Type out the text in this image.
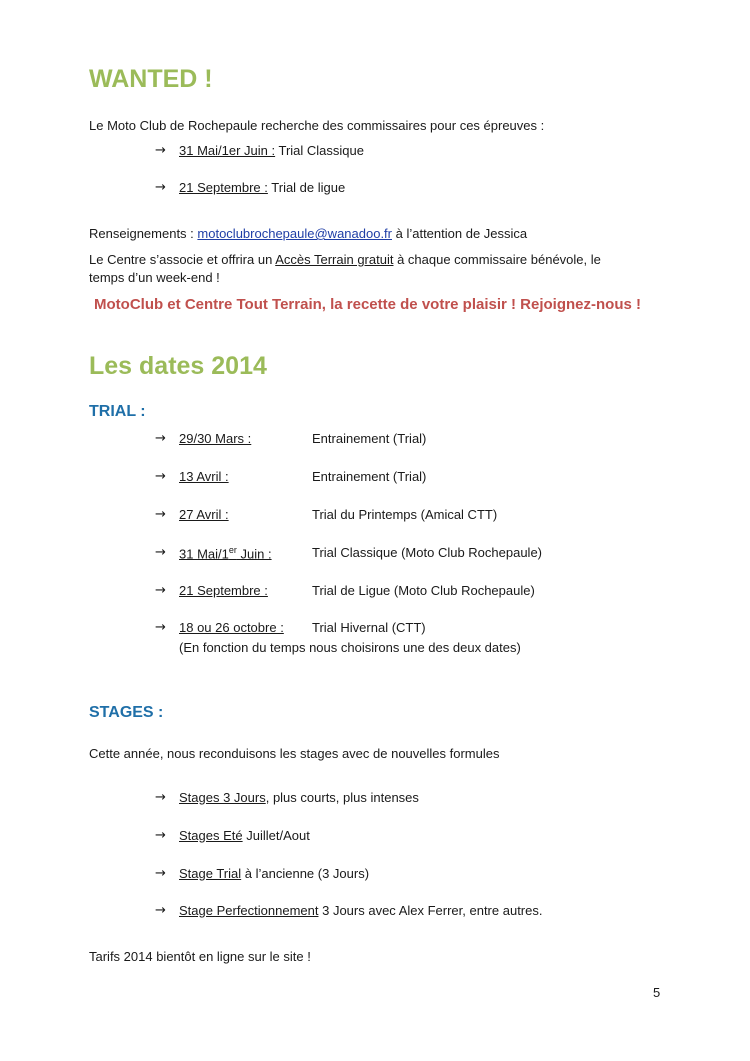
WANTED !
Le Moto Club de Rochepaule recherche des commissaires pour ces épreuves :
→	31 Mai/1er Juin : Trial Classique
→	21 Septembre : Trial de ligue
Renseignements : motoclubrochepaule@wanadoo.fr à l’attention de Jessica
Le Centre s’associe et offrira un Accès Terrain gratuit à chaque commissaire bénévole, le
temps d’un week-end !
MotoClub et Centre Tout Terrain, la recette de votre plaisir ! Rejoignez-nous !
Les dates 2014
TRIAL :
→	29/30 Mars :	Entrainement (Trial)
→	13 Avril :	Entrainement (Trial)
→	27 Avril :	Trial du Printemps (Amical CTT)
→	31 Mai/1er Juin :	Trial Classique (Moto Club Rochepaule)
→	21 Septembre :	Trial de Ligue (Moto Club Rochepaule)
→	18 ou 26 octobre : Trial Hivernal (CTT)
(En fonction du temps nous choisirons une des deux dates)
STAGES :
Cette année, nous reconduisons les stages avec de nouvelles formules
→	Stages 3 Jours, plus courts, plus intenses
→	Stages Eté Juillet/Aout
→	Stage Trial à l’ancienne (3 Jours)
→	Stage Perfectionnement 3 Jours avec Alex Ferrer, entre autres.
Tarifs 2014 bientôt en ligne sur le site !
5
